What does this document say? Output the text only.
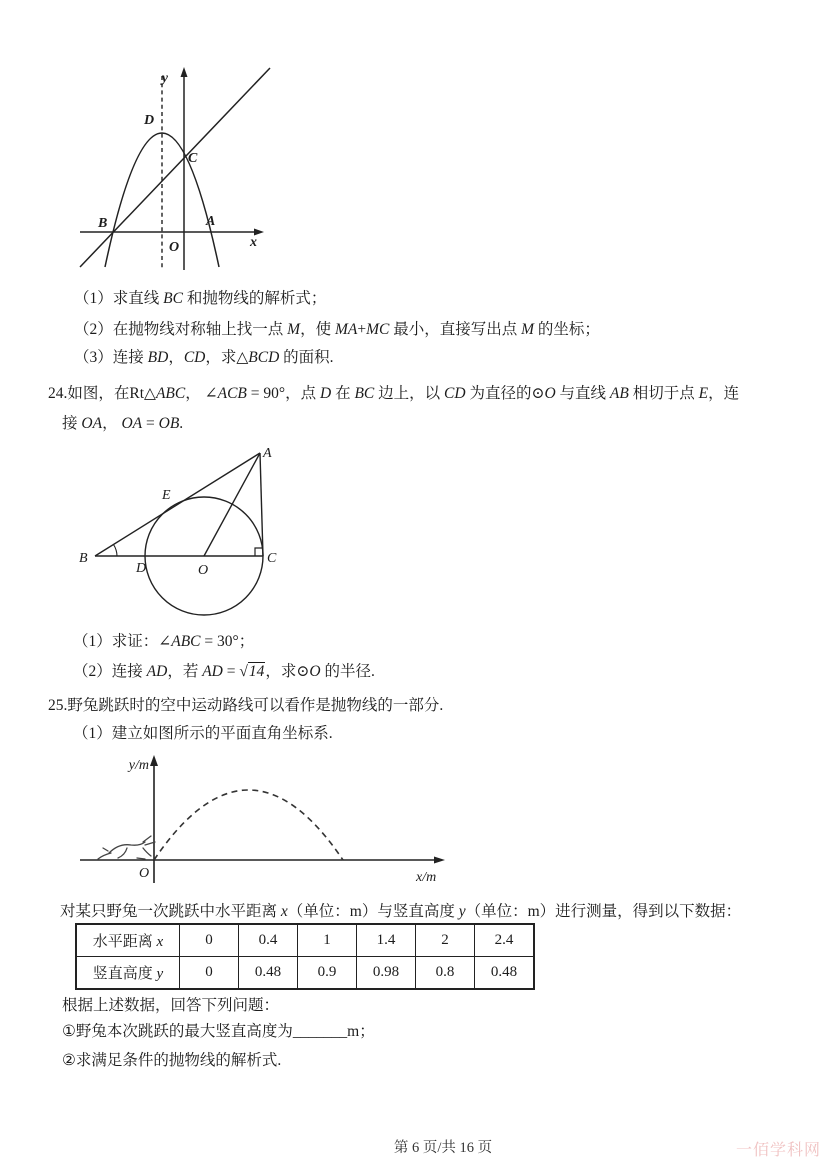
y
x
D
C
B	A
O
（1）求直线 BC 和抛物线的解析式；
（2）在抛物线对称轴上找一点 M，使 MA+MC 最小，直接写出点 M 的坐标；
（3）连接 BD，CD，求△BCD 的面积.
24.如图，在Rt△ABC， ∠ACB = 90°，点 D 在 BC 边上，以 CD 为直径的⊙O 与直线 AB 相切于点 E，连
接 OA， OA = OB.
A
B	C
D
E
O
（1）求证：∠ABC = 30°；
（2）连接 AD，若 AD = √14，求⊙O 的半径.
25.野兔跳跃时的空中运动路线可以看作是抛物线的一部分.
（1）建立如图所示的平面直角坐标系.
y/m
x/m
O
对某只野兔一次跳跃中水平距离 x（单位：m）与竖直高度 y（单位：m）进行测量，得到以下数据：
水平距离 x	0	0.4	1	1.4	2	2.4
竖直高度 y	0	0.48	0.9	0.98	0.8	0.48
根据上述数据，回答下列问题：
①野兔本次跳跃的最大竖直高度为_______m；
②求满足条件的抛物线的解析式.
第 6 页/共 16 页	一佰学科网
